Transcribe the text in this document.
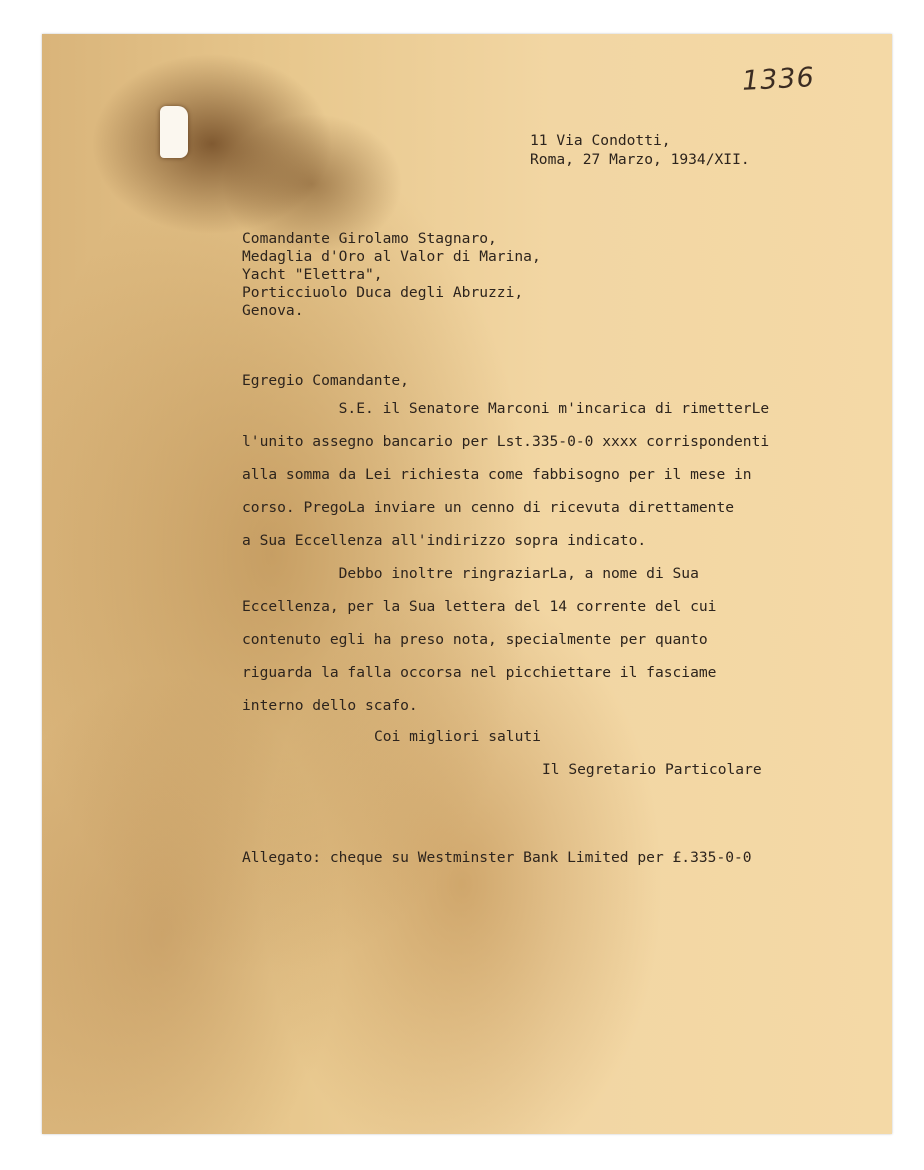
1336
11 Via Condotti,
Roma, 27 Marzo, 1934/XII.
Comandante Girolamo Stagnaro,
Medaglia d'Oro al Valor di Marina,
Yacht "Elettra",
Porticciuolo Duca degli Abruzzi,
Genova.
Egregio Comandante,
S.E. il Senatore Marconi m'incarica di rimetterLe
l'unito assegno bancario per Lst.335-0-0 xxxx corrispondenti
alla somma da Lei richiesta come fabbisogno per il mese in
corso. PregoLa inviare un cenno di ricevuta direttamente
a Sua Eccellenza all'indirizzo sopra indicato.
Debbo inoltre ringraziarLa, a nome di Sua
Eccellenza, per la Sua lettera del 14 corrente del cui
contenuto egli ha preso nota, specialmente per quanto
riguarda la falla occorsa nel picchiettare il fasciame
interno dello scafo.
Coi migliori saluti
Il Segretario Particolare
Allegato: cheque su Westminster Bank Limited per £.335-0-0
